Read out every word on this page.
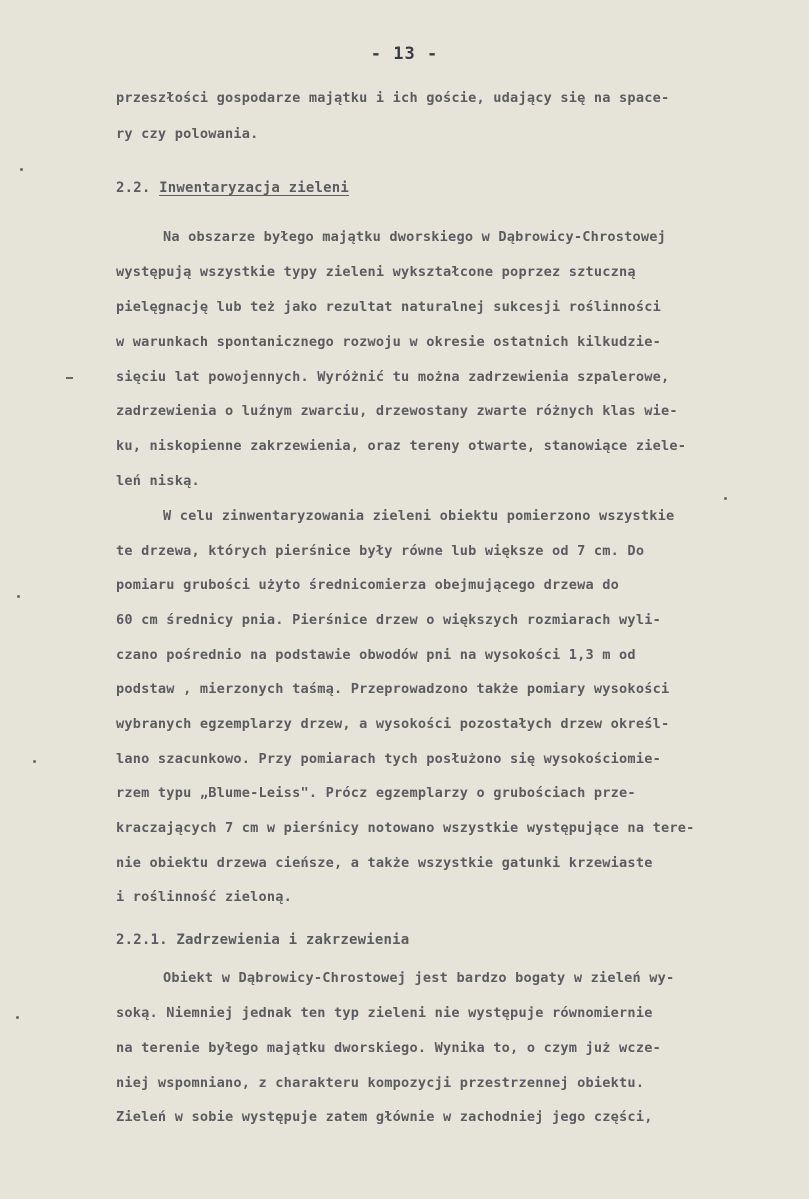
- 13 -
przeszłości gospodarze majątku i ich goście, udający się na space-
ry czy polowania.
2.2. Inwentaryzacja zieleni
Na obszarze byłego majątku dworskiego w Dąbrowicy-Chrostowej
występują wszystkie typy zieleni wykształcone poprzez sztuczną
pielęgnację lub też jako rezultat naturalnej sukcesji roślinności
w warunkach spontanicznego rozwoju w okresie ostatnich kilkudzie-
sięciu lat powojennych. Wyróżnić tu można zadrzewienia szpalerowe,
zadrzewienia o luźnym zwarciu, drzewostany zwarte różnych klas wie-
ku, niskopienne zakrzewienia, oraz tereny otwarte, stanowiące ziele-
leń niską.
W celu zinwentaryzowania zieleni obiektu pomierzono wszystkie
te drzewa, których pierśnice były równe lub większe od 7 cm. Do
pomiaru grubości użyto średnicomierza obejmującego drzewa do
60 cm średnicy pnia. Pierśnice drzew o większych rozmiarach wyli-
czano pośrednio na podstawie obwodów pni na wysokości 1,3 m od
podstaw , mierzonych taśmą. Przeprowadzono także pomiary wysokości
wybranych egzemplarzy drzew, a wysokości pozostałych drzew określ-
lano szacunkowo. Przy pomiarach tych posłużono się wysokościomie-
rzem typu „Blume-Leiss". Prócz egzemplarzy o grubościach prze-
kraczających 7 cm w pierśnicy notowano wszystkie występujące na tere-
nie obiektu drzewa cieńsze, a także wszystkie gatunki krzewiaste
i roślinność zieloną.
2.2.1. Zadrzewienia i zakrzewienia
Obiekt w Dąbrowicy-Chrostowej jest bardzo bogaty w zieleń wy-
soką. Niemniej jednak ten typ zieleni nie występuje równomiernie
na terenie byłego majątku dworskiego. Wynika to, o czym już wcze-
niej wspomniano, z charakteru kompozycji przestrzennej obiektu.
Zieleń w sobie występuje zatem głównie w zachodniej jego części,
